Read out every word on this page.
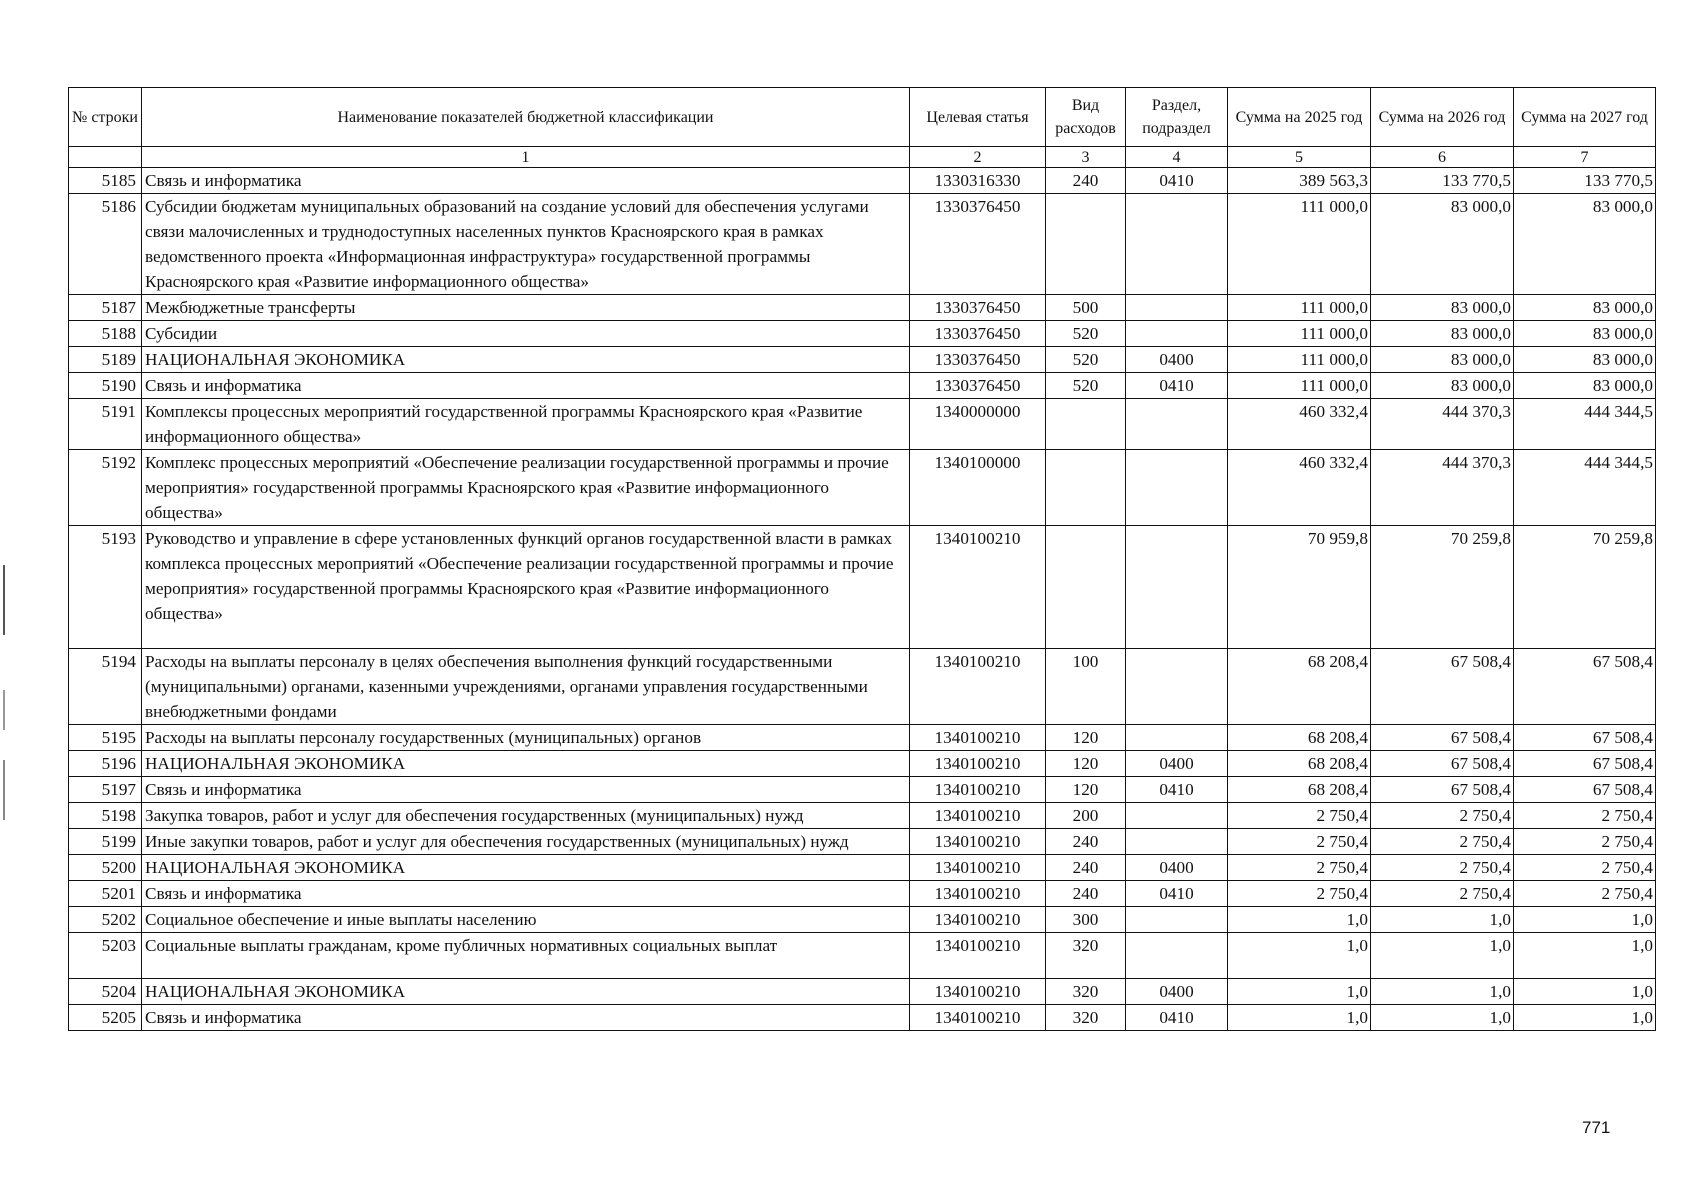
№ строки	Наименование показателей бюджетной классификации	Целевая статья	Вид расходов	Раздел, подраздел	Сумма на 2025 год	Сумма на 2026 год	Сумма на 2027 год
	1	2	3	4	5	6	7
5185	Связь и информатика	1330316330	240	0410	389 563,3	133 770,5	133 770,5
5186	Субсидии бюджетам муниципальных образований на создание условий для обеспечения услугами связи малочисленных и труднодоступных населенных пунктов Красноярского края в рамках ведомственного проекта «Информационная инфраструктура» государственной программы Красноярского края «Развитие информационного общества»	1330376450			111 000,0	83 000,0	83 000,0
5187	Межбюджетные трансферты	1330376450	500		111 000,0	83 000,0	83 000,0
5188	Субсидии	1330376450	520		111 000,0	83 000,0	83 000,0
5189	НАЦИОНАЛЬНАЯ ЭКОНОМИКА	1330376450	520	0400	111 000,0	83 000,0	83 000,0
5190	Связь и информатика	1330376450	520	0410	111 000,0	83 000,0	83 000,0
5191	Комплексы процессных мероприятий государственной программы Красноярского края «Развитие информационного общества»	1340000000			460 332,4	444 370,3	444 344,5
5192	Комплекс процессных мероприятий «Обеспечение реализации государственной программы и прочие мероприятия» государственной программы Красноярского края «Развитие информационного общества»	1340100000			460 332,4	444 370,3	444 344,5
5193	Руководство и управление в сфере установленных функций органов государственной власти в рамках комплекса процессных мероприятий «Обеспечение реализации государственной программы и прочие мероприятия» государственной программы Красноярского края «Развитие информационного общества»	1340100210			70 959,8	70 259,8	70 259,8
5194	Расходы на выплаты персоналу в целях обеспечения выполнения функций государственными (муниципальными) органами, казенными учреждениями, органами управления государственными внебюджетными фондами	1340100210	100		68 208,4	67 508,4	67 508,4
5195	Расходы на выплаты персоналу государственных (муниципальных) органов	1340100210	120		68 208,4	67 508,4	67 508,4
5196	НАЦИОНАЛЬНАЯ ЭКОНОМИКА	1340100210	120	0400	68 208,4	67 508,4	67 508,4
5197	Связь и информатика	1340100210	120	0410	68 208,4	67 508,4	67 508,4
5198	Закупка товаров, работ и услуг для обеспечения государственных (муниципальных) нужд	1340100210	200		2 750,4	2 750,4	2 750,4
5199	Иные закупки товаров, работ и услуг для обеспечения государственных (муниципальных) нужд	1340100210	240		2 750,4	2 750,4	2 750,4
5200	НАЦИОНАЛЬНАЯ ЭКОНОМИКА	1340100210	240	0400	2 750,4	2 750,4	2 750,4
5201	Связь и информатика	1340100210	240	0410	2 750,4	2 750,4	2 750,4
5202	Социальное обеспечение и иные выплаты населению	1340100210	300		1,0	1,0	1,0
5203	Социальные выплаты гражданам, кроме публичных нормативных социальных выплат	1340100210	320		1,0	1,0	1,0
5204	НАЦИОНАЛЬНАЯ ЭКОНОМИКА	1340100210	320	0400	1,0	1,0	1,0
5205	Связь и информатика	1340100210	320	0410	1,0	1,0	1,0
771
